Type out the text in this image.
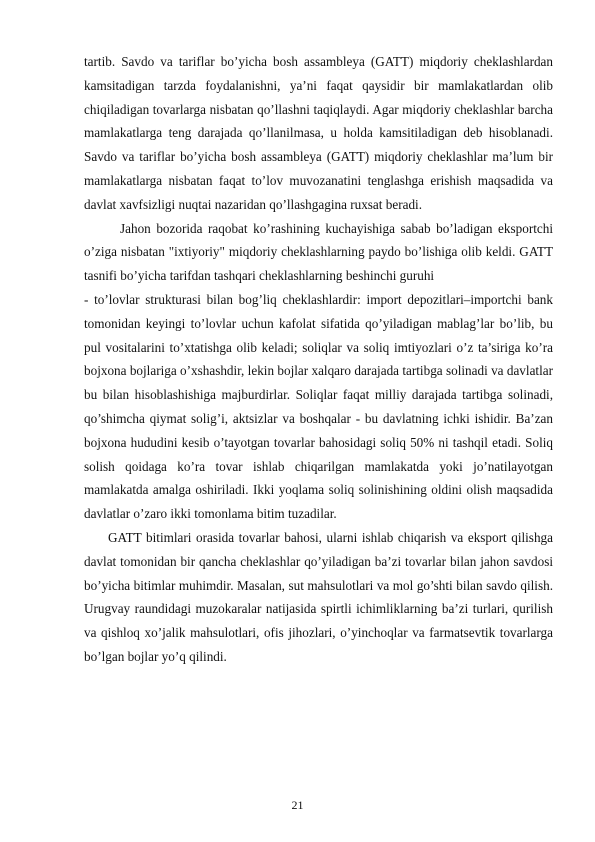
tartib. Savdo va tariflar bo’yicha bosh assambleya (GATT) miqdoriy cheklashlardan kamsitadigan tarzda foydalanishni, ya’ni faqat qaysidir bir mamlakatlardan olib chiqiladigan tovarlarga nisbatan qo’llashni taqiqlaydi. Agar miqdoriy cheklashlar barcha mamlakatlarga teng darajada qo’llanilmasa, u holda kamsitiladigan deb hisoblanadi. Savdo va tariflar bo’yicha bosh assambleya (GATT) miqdoriy cheklashlar ma’lum bir mamlakatlarga nisbatan faqat to’lov muvozanatini tenglashga erishish maqsadida va davlat xavfsizligi nuqtai nazaridan qo’llashgagina ruxsat beradi.

Jahon bozorida raqobat ko’rashining kuchayishiga sabab bo’ladigan eksportchi o’ziga nisbatan "ixtiyoriy" miqdoriy cheklashlarning paydo bo’lishiga olib keldi. GATT tasnifi bo’yicha tarifdan tashqari cheklashlarning beshinchi guruhi

- to’lovlar strukturasi bilan bog’liq cheklashlardir: import depozitlari–importchi bank tomonidan keyingi to’lovlar uchun kafolat sifatida qo’yiladigan mablag’lar bo’lib, bu pul vositalarini to’xtatishga olib keladi; soliqlar va soliq imtiyozlari o’z ta’siriga ko’ra bojxona bojlariga o’xshashdir, lekin bojlar xalqaro darajada tartibga solinadi va davlatlar bu bilan hisoblashishiga majburdirlar. Soliqlar faqat milliy darajada tartibga solinadi, qo’shimcha qiymat solig’i, aktsizlar va boshqalar - bu davlatning ichki ishidir. Ba’zan bojxona hududini kesib o’tayotgan tovarlar bahosidagi soliq 50% ni tashqil etadi. Soliq solish qoidaga ko’ra tovar ishlab chiqarilgan mamlakatda yoki jo’natilayotgan mamlakatda amalga oshiriladi. Ikki yoqlama soliq solinishining oldini olish maqsadida davlatlar o’zaro ikki tomonlama bitim tuzadilar.

GATT bitimlari orasida tovarlar bahosi, ularni ishlab chiqarish va eksport qilishga davlat tomonidan bir qancha cheklashlar qo’yiladigan ba’zi tovarlar bilan jahon savdosi bo’yicha bitimlar muhimdir. Masalan, sut mahsulotlari va mol go’shti bilan savdo qilish. Urugvay raundidagi muzokaralar natijasida spirtli ichimliklarning ba’zi turlari, qurilish va qishloq xo’jalik mahsulotlari, ofis jihozlari, o’yinchoqlar va farmatsevtik tovarlarga bo’lgan bojlar yo’q qilindi.

21
